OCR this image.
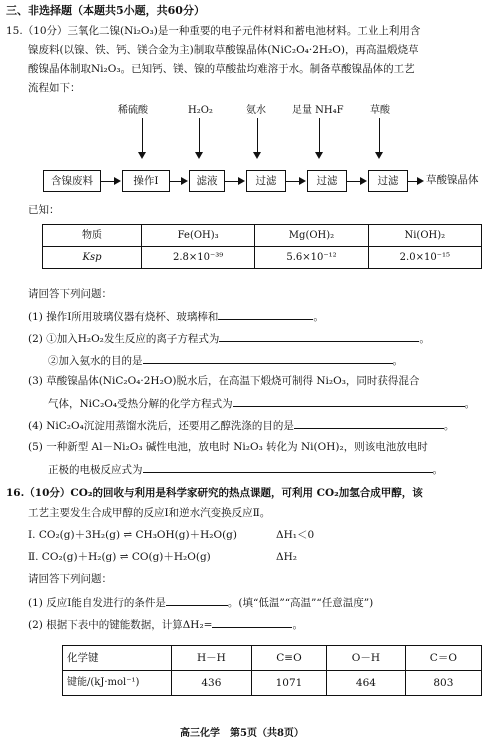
三、非选择题（本题共5小题，共60分）
15.（10分）三氧化二镍(Ni₂O₃)是一种重要的电子元件材料和蓄电池材料。工业上利用含
镍废料(以镍、铁、钙、镁合金为主)制取草酸镍晶体(NiC₂O₄·2H₂O)，再高温煅烧草
酸镍晶体制取Ni₂O₃。已知钙、镁、镍的草酸盐均难溶于水。制备草酸镍晶体的工艺
流程如下：
稀硫酸	H₂O₂	氨水	足量 NH₄F	草酸
含镍废料	操作Ⅰ	滤液	过滤	过滤	过滤	草酸镍晶体
已知：
物质	Fe(OH)₃	Mg(OH)₂	Ni(OH)₂
Ksp	2.8×10⁻³⁹	5.6×10⁻¹²	2.0×10⁻¹⁵
请回答下列问题：
(1) 操作Ⅰ所用玻璃仪器有烧杯、玻璃棒和	。
(2) ①加入H₂O₂发生反应的离子方程式为	。
②加入氨水的目的是	。
(3) 草酸镍晶体(NiC₂O₄·2H₂O)脱水后，在高温下煅烧可制得 Ni₂O₃，同时获得混合
气体，NiC₂O₄受热分解的化学方程式为	。
(4) NiC₂O₄沉淀用蒸馏水洗后，还要用乙醇洗涤的目的是	。
(5) 一种新型 Al－Ni₂O₃ 碱性电池，放电时 Ni₂O₃ 转化为 Ni(OH)₂，则该电池放电时
正极的电极反应式为	。
16.（10分）CO₂的回收与利用是科学家研究的热点课题，可利用 CO₂加氢合成甲醇，该
工艺主要发生合成甲醇的反应Ⅰ和逆水汽变换反应Ⅱ。
Ⅰ. CO₂(g)＋3H₂(g) ⇌ CH₃OH(g)＋H₂O(g)	ΔH₁＜0
Ⅱ. CO₂(g)＋H₂(g) ⇌ CO(g)＋H₂O(g)	ΔH₂
请回答下列问题：
(1) 反应Ⅰ能自发进行的条件是	。(填“低温”“高温”“任意温度”)
(2) 根据下表中的键能数据，计算ΔH₂=	。
化学键	H－H	C≡O	O－H	C＝O
键能/(kJ·mol⁻¹)	436	1071	464	803
高三化学　第5页（共8页）
